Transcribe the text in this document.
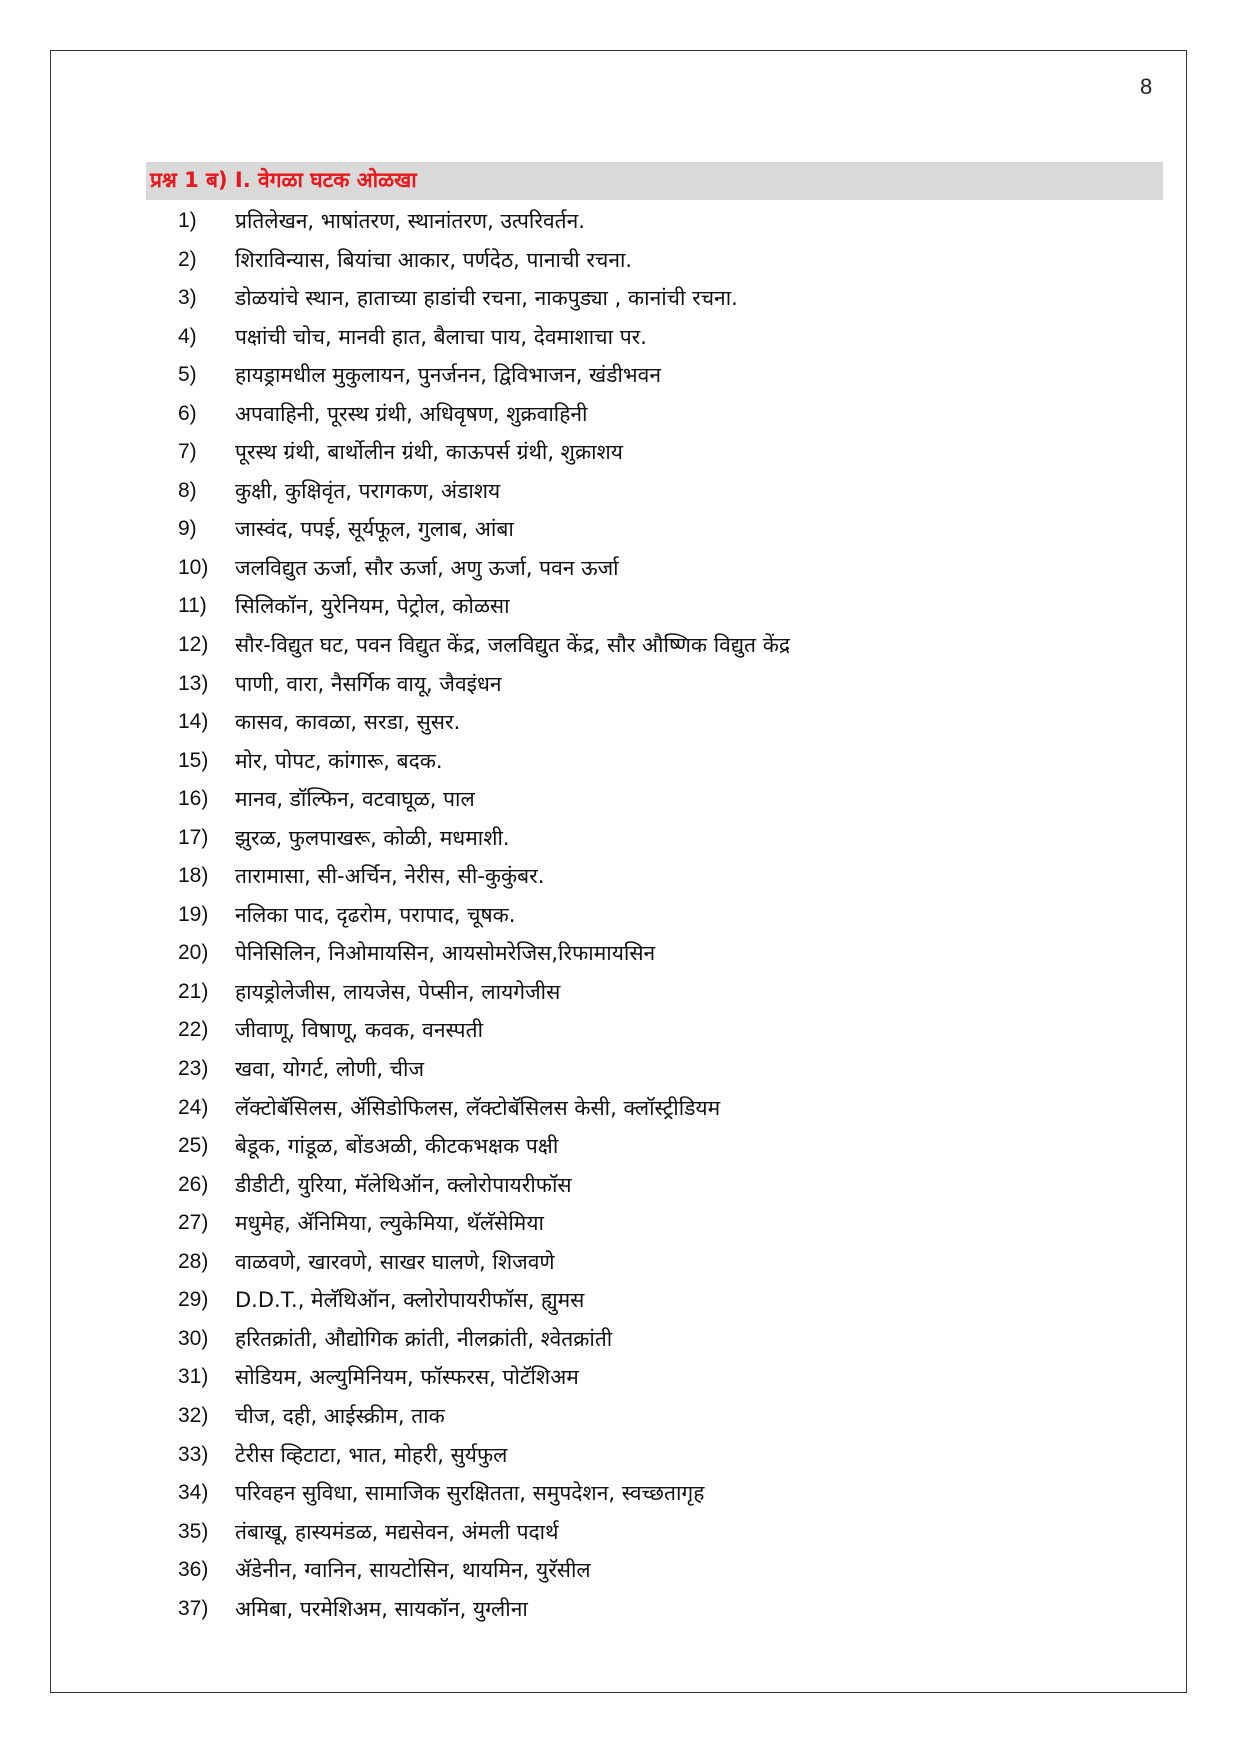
8
प्रश्न 1 ब) I. वेगळा घटक ओळखा
1)	प्रतिलेखन, भाषांतरण, स्थानांतरण, उत्परिवर्तन.
2)	शिराविन्यास, बियांचा आकार, पर्णदेठ, पानाची रचना.
3)	डोळयांचे स्थान, हाताच्या हाडांची रचना, नाकपुड्या , कानांची रचना.
4)	पक्षांची चोच, मानवी हात, बैलाचा पाय, देवमाशाचा पर.
5)	हायड्रामधील मुकुलायन, पुनर्जनन, द्विविभाजन, खंडीभवन
6)	अपवाहिनी, पूरस्थ ग्रंथी, अधिवृषण, शुक्रवाहिनी
7)	पूरस्थ ग्रंथी, बार्थोलीन ग्रंथी, काऊपर्स ग्रंथी, शुक्राशय
8)	कुक्षी, कुक्षिवृंत, परागकण, अंडाशय
9)	जास्वंद, पपई, सूर्यफूल, गुलाब, आंबा
10)	जलविद्युत ऊर्जा, सौर ऊर्जा, अणु ऊर्जा, पवन ऊर्जा
11)	सिलिकॉन, युरेनियम, पेट्रोल, कोळसा
12)	सौर-विद्युत घट, पवन विद्युत केंद्र, जलविद्युत केंद्र, सौर औष्णिक विद्युत केंद्र
13)	पाणी, वारा, नैसर्गिक वायू, जैवइंधन
14)	कासव, कावळा, सरडा, सुसर.
15)	मोर, पोपट, कांगारू, बदक.
16)	मानव, डॉल्फिन, वटवाघूळ, पाल
17)	झुरळ, फुलपाखरू, कोळी, मधमाशी.
18)	तारामासा, सी-अर्चिन, नेरीस, सी-कुकुंबर.
19)	नलिका पाद, दृढरोम, परापाद, चूषक.
20)	पेनिसिलिन, निओमायसिन, आयसोमरेजिस,रिफामायसिन
21)	हायड्रोलेजीस, लायजेस, पेप्सीन, लायगेजीस
22)	जीवाणू, विषाणू, कवक, वनस्पती
23)	खवा, योगर्ट, लोणी, चीज
24)	लॅक्टोबॅसिलस, ॲसिडोफिलस, लॅक्टोबॅसिलस केसी, क्लॉस्ट्रीडियम
25)	बेडूक, गांडूळ, बोंडअळी, कीटकभक्षक पक्षी
26)	डीडीटी, युरिया, मॅलेथिऑन, क्लोरोपायरीफॉस
27)	मधुमेह, ॲनिमिया, ल्युकेमिया, थॅलॅसेमिया
28)	वाळवणे, खारवणे, साखर घालणे, शिजवणे
29)	D.D.T., मेलॅथिऑन, क्लोरोपायरीफॉस, ह्युमस
30)	हरितक्रांती, औद्योगिक क्रांती, नीलक्रांती, श्वेतक्रांती
31)	सोडियम, अल्युमिनियम, फॉस्फरस, पोटॅशिअम
32)	चीज, दही, आईस्क्रीम, ताक
33)	टेरीस व्हिटाटा, भात, मोहरी, सुर्यफुल
34)	परिवहन सुविधा, सामाजिक सुरक्षितता, समुपदेशन, स्वच्छतागृह
35)	तंबाखू, हास्यमंडळ, मद्यसेवन, अंमली पदार्थ
36)	ॲडेनीन, ग्वानिन, सायटोसिन, थायमिन, युरॅसील
37)	अमिबा, परमेशिअम, सायकॉन, युग्लीना
